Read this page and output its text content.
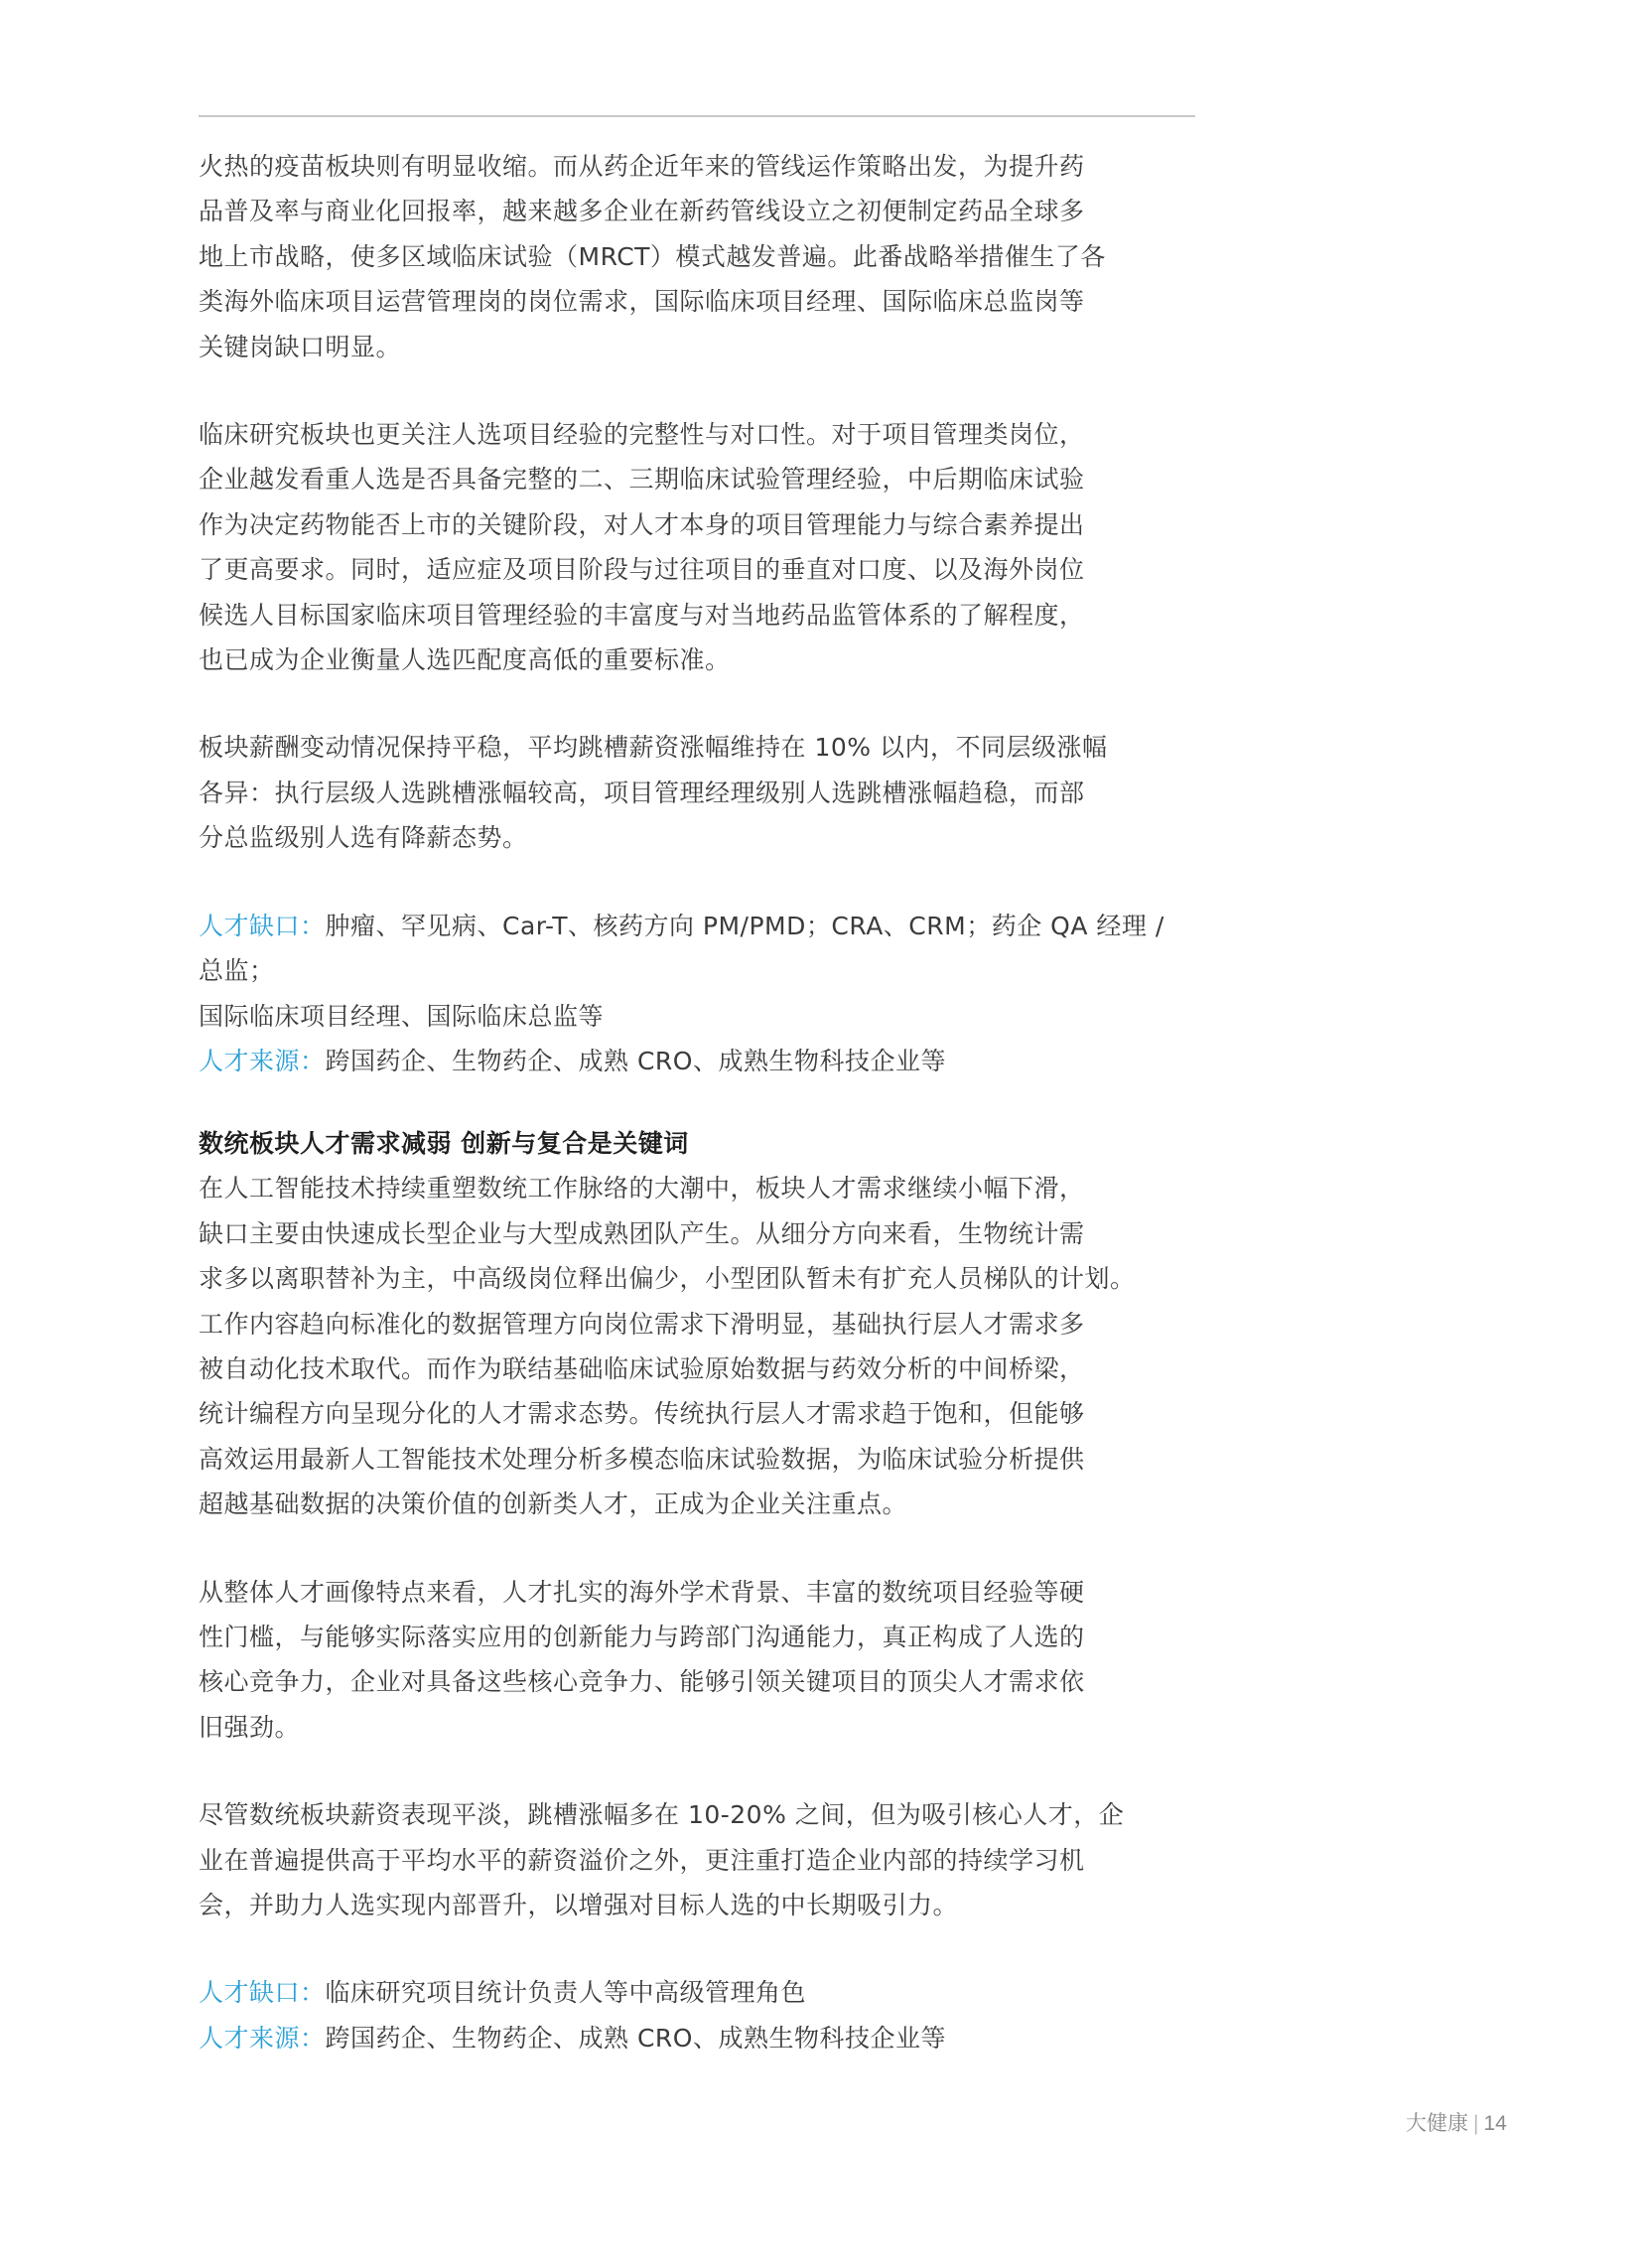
火热的疫苗板块则有明显收缩。而从药企近年来的管线运作策略出发，为提升药
品普及率与商业化回报率，越来越多企业在新药管线设立之初便制定药品全球多
地上市战略，使多区域临床试验（MRCT）模式越发普遍。此番战略举措催生了各
类海外临床项目运营管理岗的岗位需求，国际临床项目经理、国际临床总监岗等
关键岗缺口明显。
临床研究板块也更关注人选项目经验的完整性与对口性。对于项目管理类岗位，
企业越发看重人选是否具备完整的二、三期临床试验管理经验，中后期临床试验
作为决定药物能否上市的关键阶段，对人才本身的项目管理能力与综合素养提出
了更高要求。同时，适应症及项目阶段与过往项目的垂直对口度、以及海外岗位
候选人目标国家临床项目管理经验的丰富度与对当地药品监管体系的了解程度，
也已成为企业衡量人选匹配度高低的重要标准。
板块薪酬变动情况保持平稳，平均跳槽薪资涨幅维持在 10% 以内，不同层级涨幅
各异：执行层级人选跳槽涨幅较高，项目管理经理级别人选跳槽涨幅趋稳，而部
分总监级别人选有降薪态势。
人才缺口：肿瘤、罕见病、Car-T、核药方向 PM/PMD；CRA、CRM；药企 QA 经理 / 总监；
国际临床项目经理、国际临床总监等
人才来源：跨国药企、生物药企、成熟 CRO、成熟生物科技企业等
数统板块人才需求减弱 创新与复合是关键词
在人工智能技术持续重塑数统工作脉络的大潮中，板块人才需求继续小幅下滑，
缺口主要由快速成长型企业与大型成熟团队产生。从细分方向来看，生物统计需
求多以离职替补为主，中高级岗位释出偏少，小型团队暂未有扩充人员梯队的计划。
工作内容趋向标准化的数据管理方向岗位需求下滑明显，基础执行层人才需求多
被自动化技术取代。而作为联结基础临床试验原始数据与药效分析的中间桥梁，
统计编程方向呈现分化的人才需求态势。传统执行层人才需求趋于饱和，但能够
高效运用最新人工智能技术处理分析多模态临床试验数据，为临床试验分析提供
超越基础数据的决策价值的创新类人才，正成为企业关注重点。
从整体人才画像特点来看，人才扎实的海外学术背景、丰富的数统项目经验等硬
性门槛，与能够实际落实应用的创新能力与跨部门沟通能力，真正构成了人选的
核心竞争力，企业对具备这些核心竞争力、能够引领关键项目的顶尖人才需求依
旧强劲。
尽管数统板块薪资表现平淡，跳槽涨幅多在 10-20% 之间，但为吸引核心人才，企
业在普遍提供高于平均水平的薪资溢价之外，更注重打造企业内部的持续学习机
会，并助力人选实现内部晋升，以增强对目标人选的中长期吸引力。
人才缺口：临床研究项目统计负责人等中高级管理角色
人才来源：跨国药企、生物药企、成熟 CRO、成熟生物科技企业等
大健康 | 14
